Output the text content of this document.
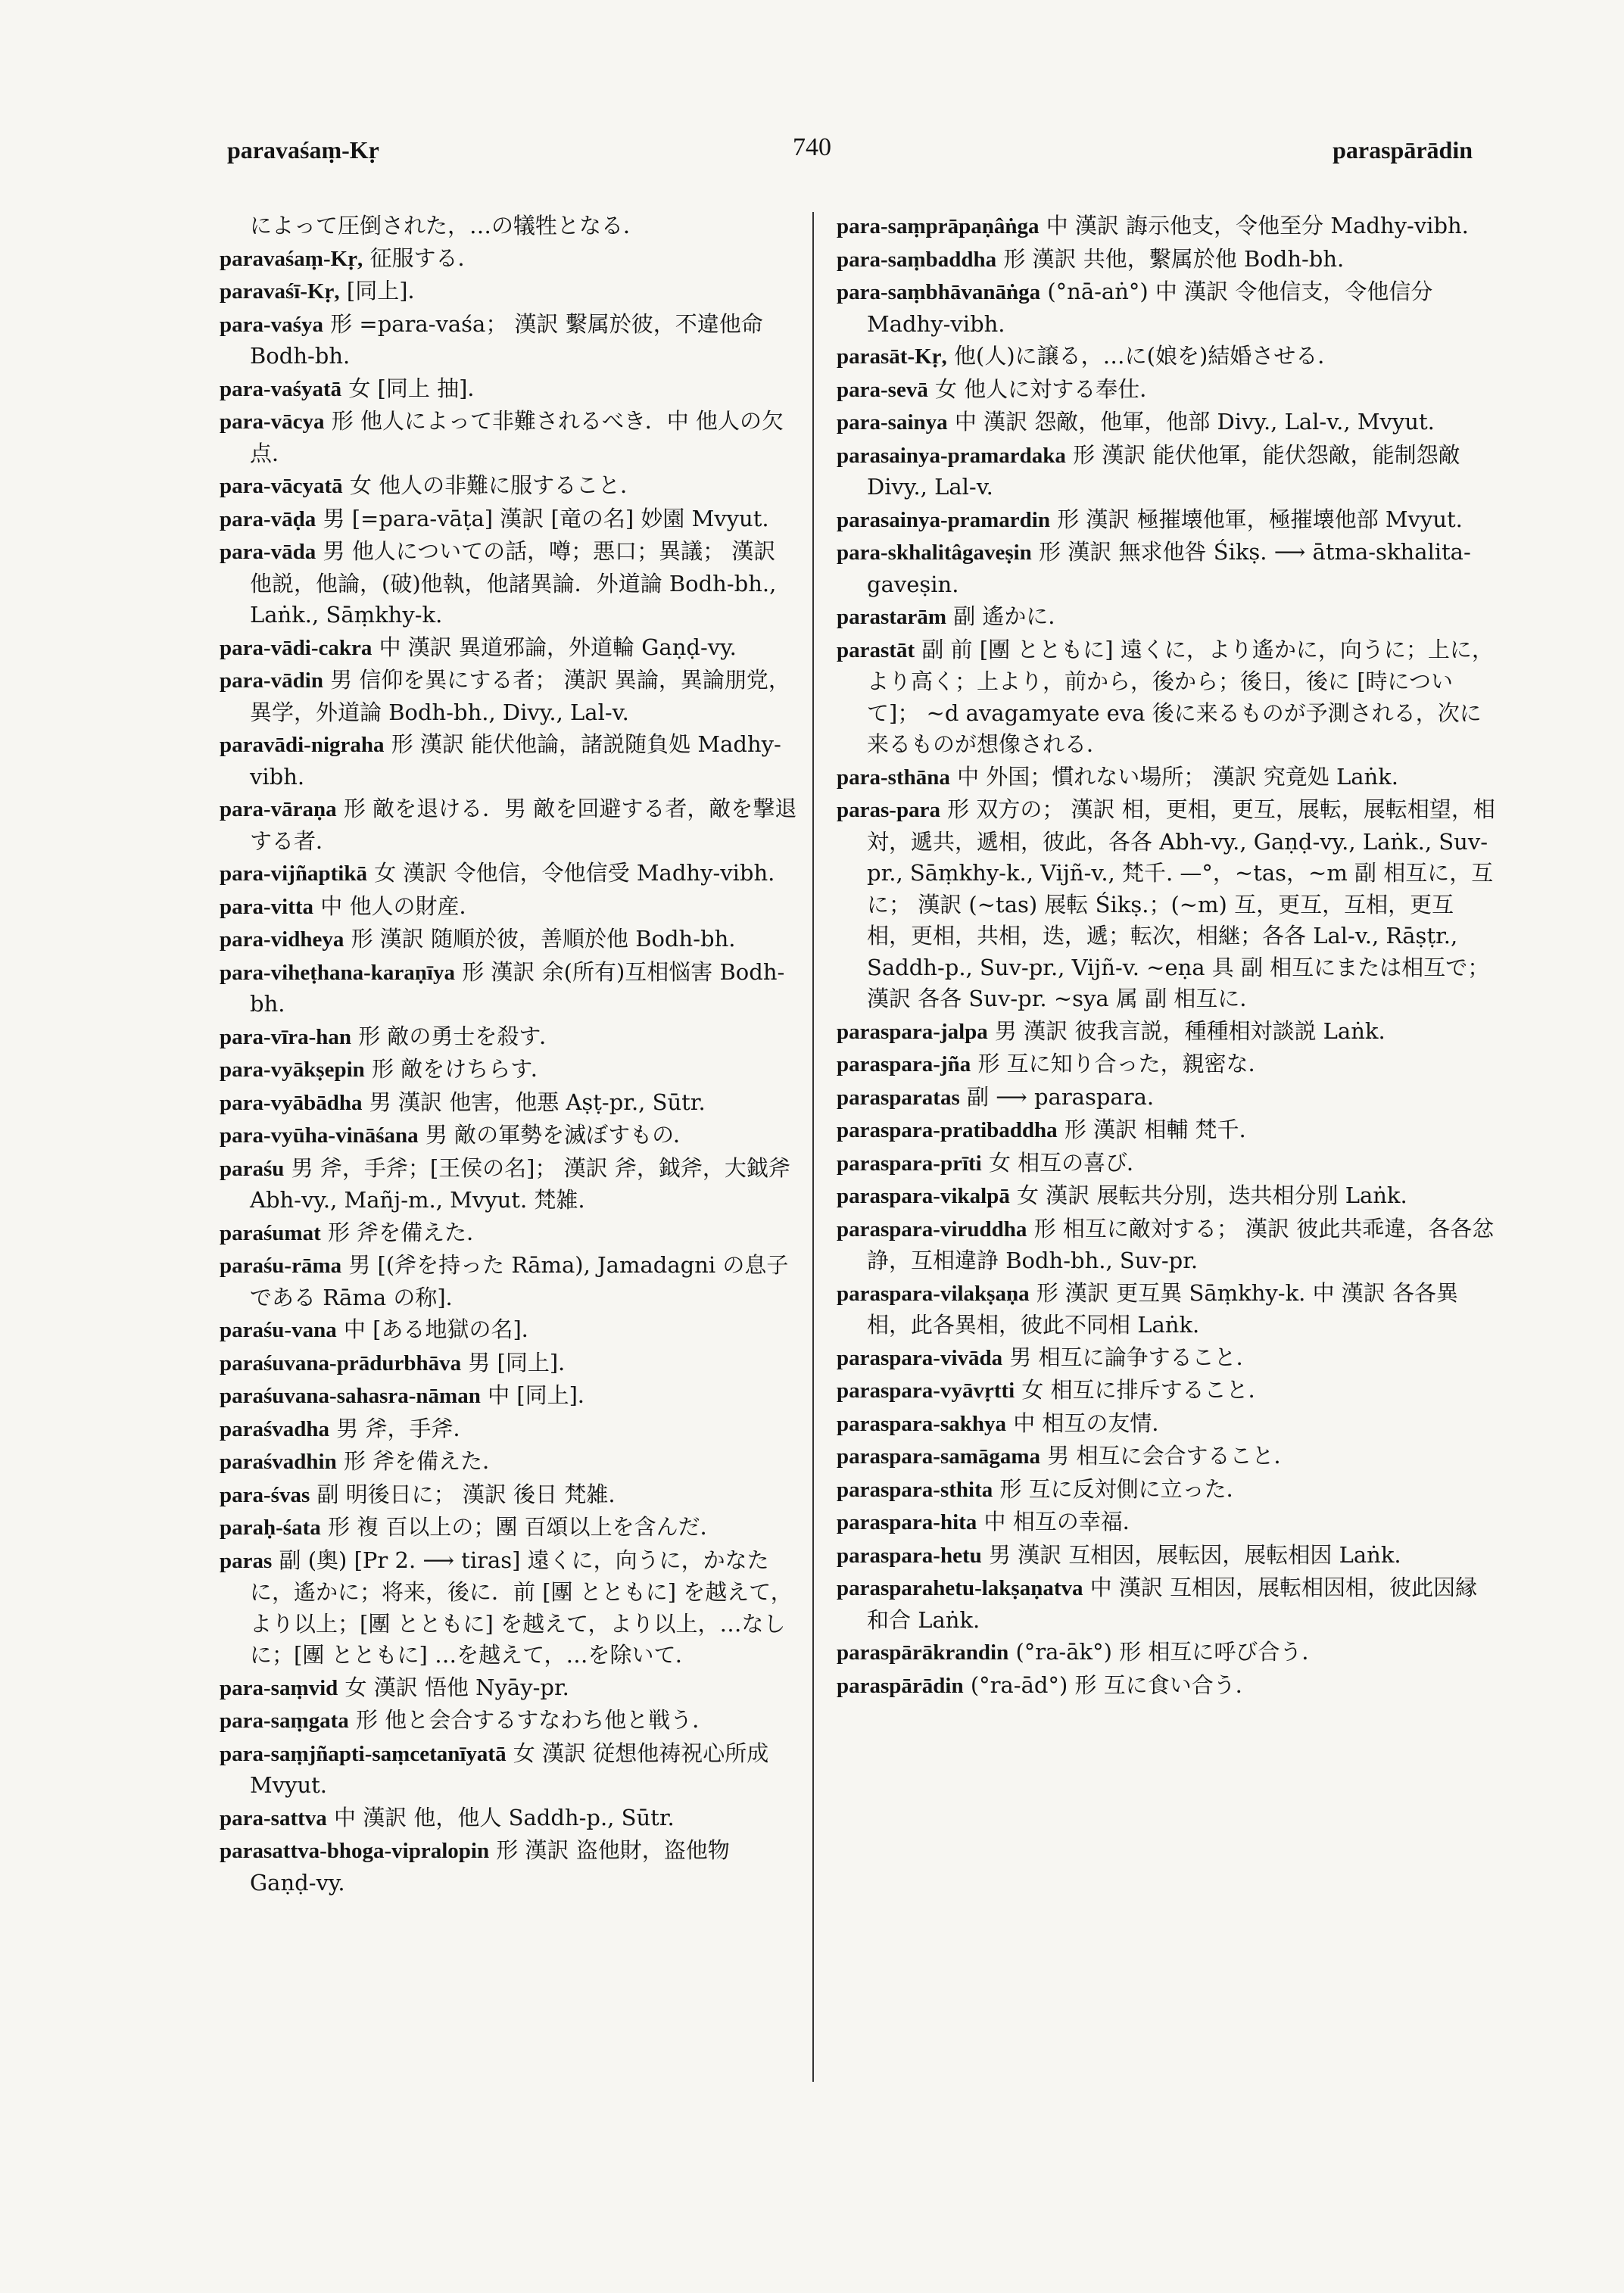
paravaśaṃ-Kṛ	740	paraspārādin
によって圧倒された，…の犠牲となる．
paravaśaṃ-Kṛ, 征服する．
paravaśī-Kṛ, [同上]．
para-vaśya 形 =para-vaśa； 漢訳 繫属於彼，不違他命 Bodh-bh.
para-vaśyatā 女 [同上 抽]．
para-vācya 形 他人によって非難されるべき．中 他人の欠点．
para-vācyatā 女 他人の非難に服すること．
para-vāḍa 男 [=para-vāṭa] 漢訳 [竜の名] 妙園 Mvyut.
para-vāda 男 他人についての話，噂；悪口；異議； 漢訳 他説，他論，(破)他執，他諸異論．外道論 Bodh-bh., Laṅk., Sāṃkhy-k.
para-vādi-cakra 中 漢訳 異道邪論，外道輪 Gaṇḍ-vy.
para-vādin 男 信仰を異にする者； 漢訳 異論，異論朋党，異学，外道論 Bodh-bh., Divy., Lal-v.
paravādi-nigraha 形 漢訳 能伏他論，諸説随負処 Madhy-vibh.
para-vāraṇa 形 敵を退ける．男 敵を回避する者，敵を撃退する者．
para-vijñaptikā 女 漢訳 令他信，令他信受 Madhy-vibh.
para-vitta 中 他人の財産．
para-vidheya 形 漢訳 随順於彼，善順於他 Bodh-bh.
para-viheṭhana-karaṇīya 形 漢訳 余(所有)互相悩害 Bodh-bh.
para-vīra-han 形 敵の勇士を殺す．
para-vyākṣepin 形 敵をけちらす．
para-vyābādha 男 漢訳 他害，他悪 Aṣṭ-pr., Sūtr.
para-vyūha-vināśana 男 敵の軍勢を滅ぼすもの．
paraśu 男 斧，手斧；[王侯の名]； 漢訳 斧，鉞斧，大鉞斧 Abh-vy., Mañj-m., Mvyut. 梵雑.
paraśumat 形 斧を備えた．
paraśu-rāma 男 [(斧を持った Rāma), Jamadagni の息子である Rāma の称]．
paraśu-vana 中 [ある地獄の名]．
paraśuvana-prādurbhāva 男 [同上]．
paraśuvana-sahasra-nāman 中 [同上]．
paraśvadha 男 斧，手斧．
paraśvadhin 形 斧を備えた．
para-śvas 副 明後日に； 漢訳 後日 梵雑.
paraḥ-śata 形 複 百以上の；團 百頌以上を含んだ．
paras 副 (奥) [Pr 2. ⟶ tiras] 遠くに，向うに，かなたに，遙かに；将来，後に．前 [團 とともに] を越えて，より以上；[團 とともに] を越えて，より以上，…なしに；[團 とともに] …を越えて，…を除いて．
para-saṃvid 女 漢訳 悟他 Nyāy-pr.
para-saṃgata 形 他と会合するすなわち他と戦う．
para-saṃjñapti-saṃcetanīyatā 女 漢訳 従想他祷祝心所成 Mvyut.
para-sattva 中 漢訳 他，他人 Saddh-p., Sūtr.
parasattva-bhoga-vipralopin 形 漢訳 盗他財，盗他物 Gaṇḍ-vy.
para-saṃprāpaṇâṅga 中 漢訳 誨示他支，令他至分 Madhy-vibh.
para-saṃbaddha 形 漢訳 共他，繫属於他 Bodh-bh.
para-saṃbhāvanāṅga (°nā-aṅ°) 中 漢訳 令他信支，令他信分 Madhy-vibh.
parasāt-Kṛ, 他(人)に譲る，…に(娘を)結婚させる．
para-sevā 女 他人に対する奉仕．
para-sainya 中 漢訳 怨敵，他軍，他部 Divy., Lal-v., Mvyut.
parasainya-pramardaka 形 漢訳 能伏他軍，能伏怨敵，能制怨敵 Divy., Lal-v.
parasainya-pramardin 形 漢訳 極摧壊他軍，極摧壊他部 Mvyut.
para-skhalitâgaveṣin 形 漢訳 無求他咎 Śikṣ. ⟶ ātma-skhalita-gaveṣin.
parastarām 副 遙かに．
parastāt 副 前 [團 とともに] 遠くに，より遙かに，向うに；上に，より高く；上より，前から，後から；後日，後に [時について]； ~d avagamyate eva 後に来るものが予測される，次に来るものが想像される．
para-sthāna 中 外国；慣れない場所； 漢訳 究竟処 Laṅk.
paras-para 形 双方の； 漢訳 相，更相，更互，展転，展転相望，相対，遞共，遞相，彼此，各各 Abh-vy., Gaṇḍ-vy., Laṅk., Suv-pr., Sāṃkhy-k., Vijñ-v., 梵千. —°，~tas，~m 副 相互に，互に； 漢訳 (~tas) 展転 Śikṣ.；(~m) 互，更互，互相，更互相，更相，共相，迭，遞；転次，相継；各各 Lal-v., Rāṣṭr., Saddh-p., Suv-pr., Vijñ-v. ~eṇa 具 副 相互にまたは相互で； 漢訳 各各 Suv-pr. ~sya 属 副 相互に．
paraspara-jalpa 男 漢訳 彼我言説，種種相対談説 Laṅk.
paraspara-jña 形 互に知り合った，親密な．
parasparatas 副 ⟶ paraspara.
paraspara-pratibaddha 形 漢訳 相輔 梵千.
paraspara-prīti 女 相互の喜び．
paraspara-vikalpā 女 漢訳 展転共分別，迭共相分別 Laṅk.
paraspara-viruddha 形 相互に敵対する； 漢訳 彼此共乖違，各各忿諍，互相違諍 Bodh-bh., Suv-pr.
paraspara-vilakṣaṇa 形 漢訳 更互異 Sāṃkhy-k. 中 漢訳 各各異相，此各異相，彼此不同相 Laṅk.
paraspara-vivāda 男 相互に論争すること．
paraspara-vyāvṛtti 女 相互に排斥すること．
paraspara-sakhya 中 相互の友情．
paraspara-samāgama 男 相互に会合すること．
paraspara-sthita 形 互に反対側に立った．
paraspara-hita 中 相互の幸福．
paraspara-hetu 男 漢訳 互相因，展転因，展転相因 Laṅk.
parasparahetu-lakṣaṇatva 中 漢訳 互相因，展転相因相，彼此因縁和合 Laṅk.
paraspārākrandin (°ra-āk°) 形 相互に呼び合う．
paraspārādin (°ra-ād°) 形 互に食い合う．
